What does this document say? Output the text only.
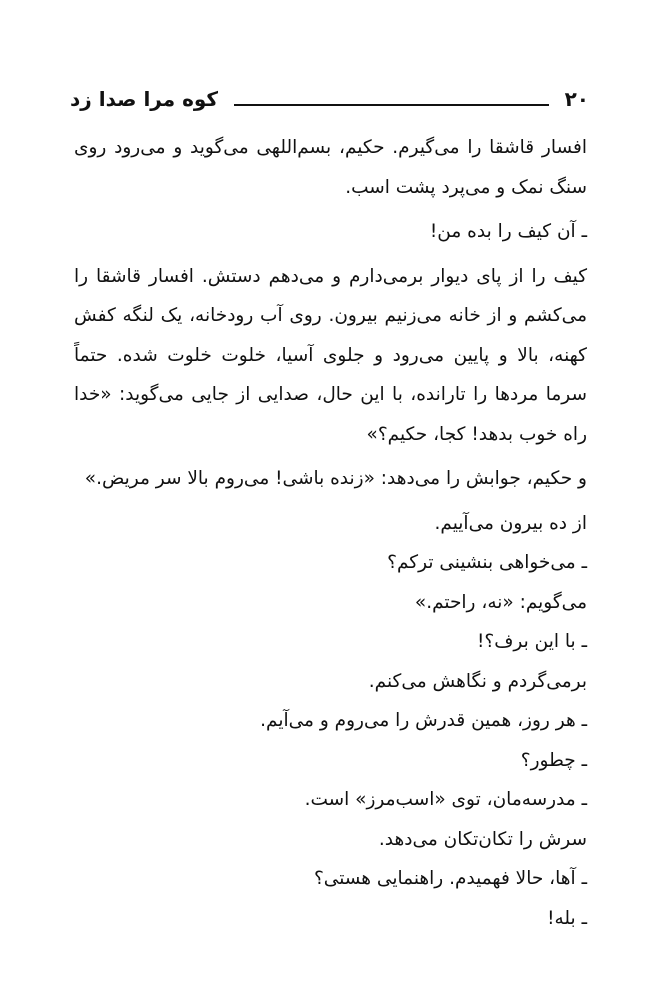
۲۰
کوه مرا صدا زد

افسار قاشقا را می‌گیرم. حکیم، بسم‌اللهی می‌گوید و می‌رود روی سنگ نمک و می‌پرد پشت اسب.

ـ آن کیف را بده من!

کیف را از پای دیوار برمی‌دارم و می‌دهم دستش. افسار قاشقا را می‌کشم و از خانه می‌زنیم بیرون. روی آب رودخانه، یک لنگه کفش کهنه، بالا و پایین می‌رود و جلوی آسیا، خلوت خلوت شده. حتماً سرما مردها را تارانده، با این حال، صدایی از جایی می‌گوید: «خدا راه خوب بدهد! کجا، حکیم؟»

و حکیم، جوابش را می‌دهد: «زنده باشی! می‌روم بالا سر مریض.»

از ده بیرون می‌آییم.

ـ می‌خواهی بنشینی ترکم؟

می‌گویم: «نه، راحتم.»

ـ با این برف؟!

برمی‌گردم و نگاهش می‌کنم.

ـ هر روز، همین قدرش را می‌روم و می‌آیم.

ـ چطور؟

ـ مدرسه‌مان، توی «اسب‌مرز» است.

سرش را تکان‌تکان می‌دهد.

ـ آها، حالا فهمیدم. راهنمایی هستی؟

ـ بله!
